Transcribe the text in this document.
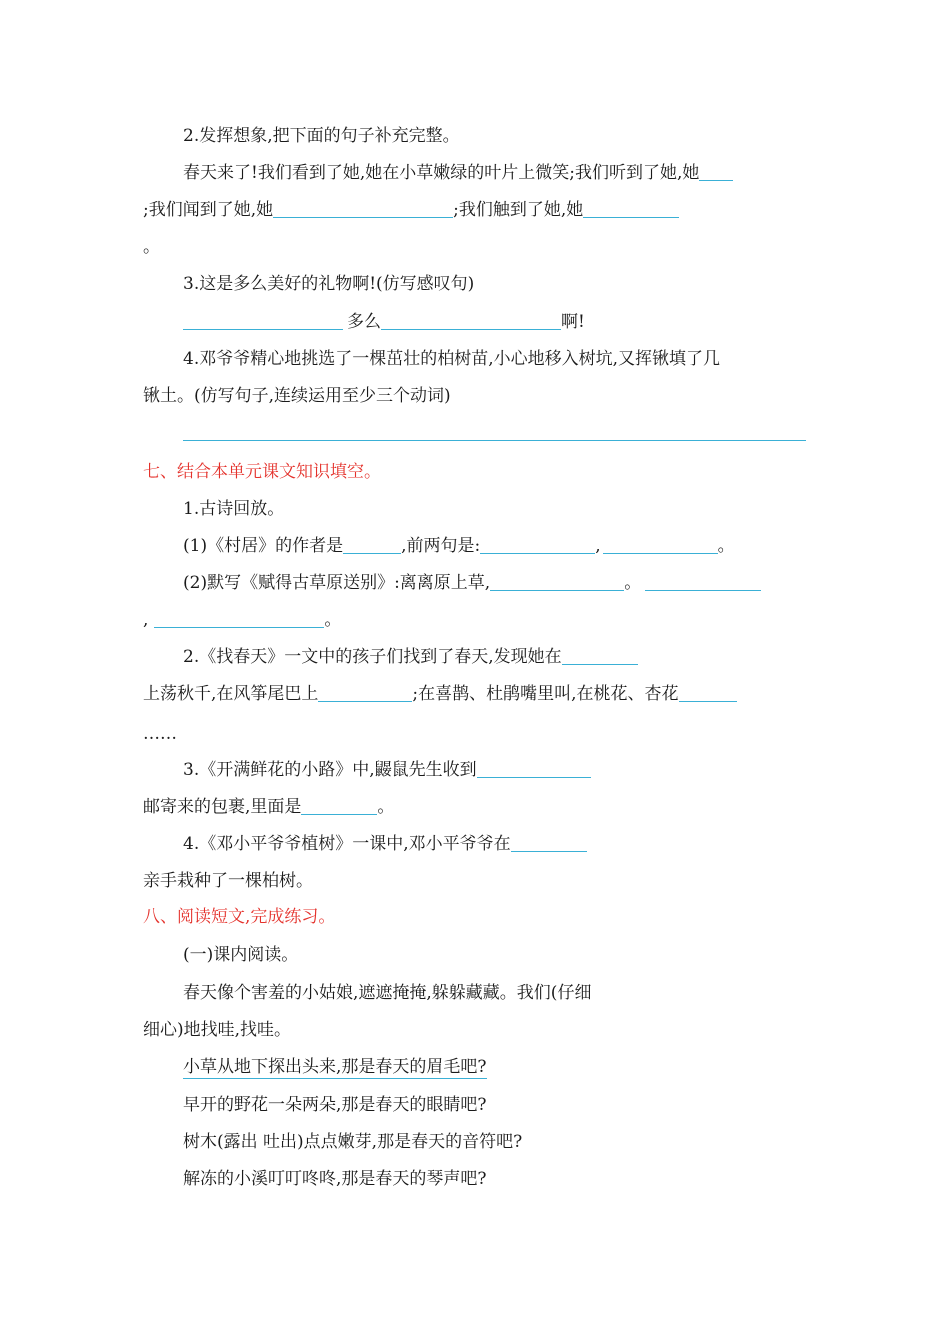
2.发挥想象,把下面的句子补充完整。
春天来了!我们看到了她,她在小草嫩绿的叶片上微笑;我们听到了她,她
;我们闻到了她,她	;我们触到了她,她
。
3.这是多么美好的礼物啊!(仿写感叹句)
多么	啊!
4.邓爷爷精心地挑选了一棵茁壮的柏树苗,小心地移入树坑,又挥锹填了几
锹土。(仿写句子,连续运用至少三个动词)
七、结合本单元课文知识填空。
1.古诗回放。
(1)《村居》的作者是	,前两句是:	,	。
(2)默写《赋得古草原送别》:离离原上草,	。
,	。
2.《找春天》一文中的孩子们找到了春天,发现她在
上荡秋千,在风筝尾巴上	;在喜鹊、杜鹃嘴里叫,在桃花、杏花
……
3.《开满鲜花的小路》中,鼹鼠先生收到
邮寄来的包裹,里面是	。
4.《邓小平爷爷植树》一课中,邓小平爷爷在
亲手栽种了一棵柏树。
八、阅读短文,完成练习。
(一)课内阅读。
春天像个害羞的小姑娘,遮遮掩掩,躲躲藏藏。我们(仔细
细心)地找哇,找哇。
小草从地下探出头来,那是春天的眉毛吧?
早开的野花一朵两朵,那是春天的眼睛吧?
树木(露出 吐出)点点嫩芽,那是春天的音符吧?
解冻的小溪叮叮咚咚,那是春天的琴声吧?
